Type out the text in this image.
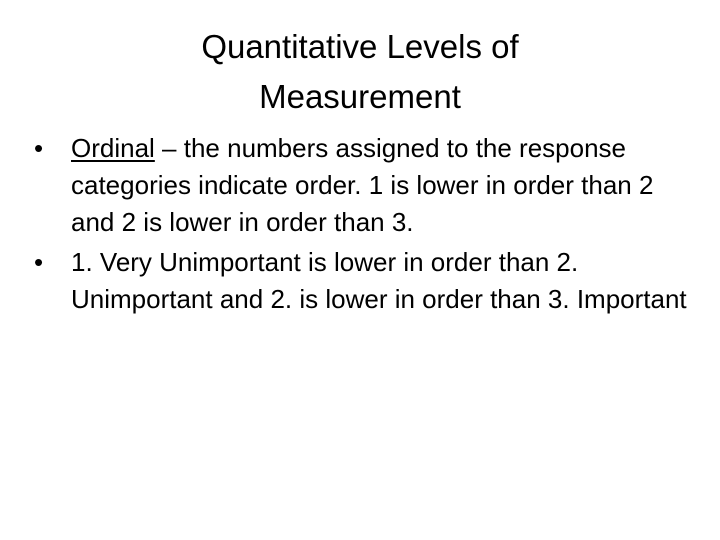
Quantitative Levels of
Measurement
•	Ordinal – the numbers assigned to the response categories indicate order. 1 is lower in order than 2 and 2 is lower in order than 3.
•	1. Very Unimportant is lower in order than 2. Unimportant and 2. is lower in order than 3. Important
